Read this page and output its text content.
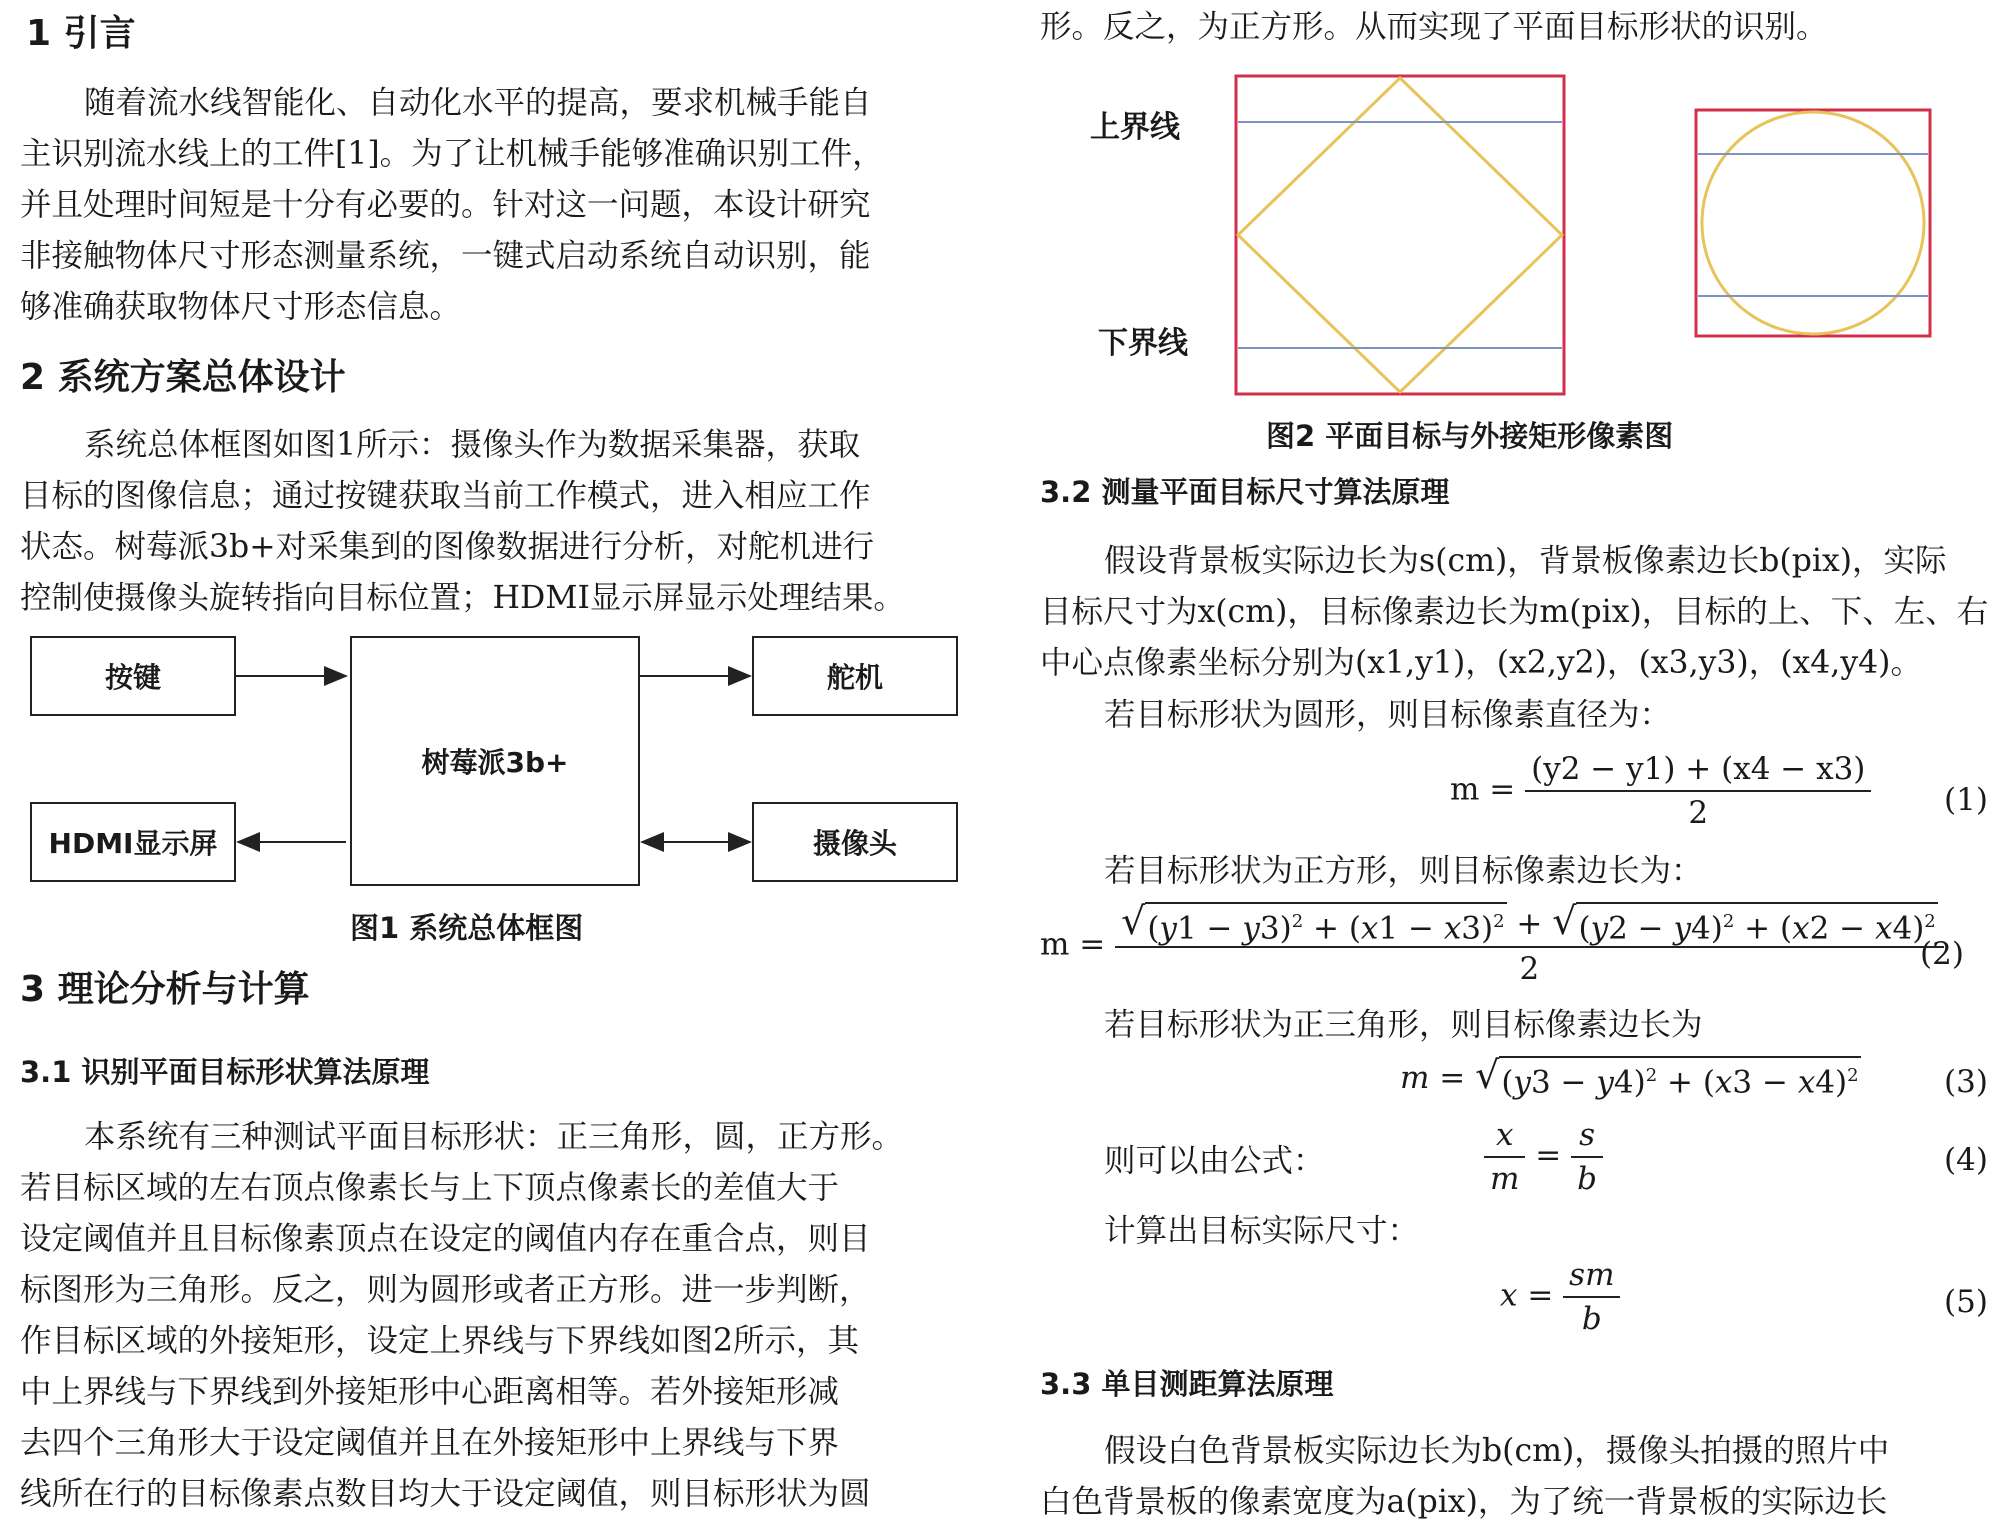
1 引言

随着流水线智能化、自动化水平的提高，要求机械手能自
主识别流水线上的工件[1]。为了让机械手能够准确识别工件，
并且处理时间短是十分有必要的。针对这一问题，本设计研究
非接触物体尺寸形态测量系统，一键式启动系统自动识别，能
够准确获取物体尺寸形态信息。

2 系统方案总体设计

系统总体框图如图1所示：摄像头作为数据采集器，获取
目标的图像信息；通过按键获取当前工作模式，进入相应工作
状态。树莓派3b+对采集到的图像数据进行分析，对舵机进行
控制使摄像头旋转指向目标位置；HDMI显示屏显示处理结果。

按键
树莓派3b+
舵机
HDMI显示屏	摄像头
图1 系统总体框图
3 理论分析与计算
3.1 识别平面目标形状算法原理

本系统有三种测试平面目标形状：正三角形，圆，正方形。
若目标区域的左右顶点像素长与上下顶点像素长的差值大于
设定阈值并且目标像素顶点在设定的阈值内存在重合点，则目
标图形为三角形。反之，则为圆形或者正方形。进一步判断，
作目标区域的外接矩形，设定上界线与下界线如图2所示，其
中上界线与下界线到外接矩形中心距离相等。若外接矩形减
去四个三角形大于设定阈值并且在外接矩形中上界线与下界
线所在行的目标像素点数目均大于设定阈值，则目标形状为圆

形。反之，为正方形。从而实现了平面目标形状的识别。

上界线
下界线
图2 平面目标与外接矩形像素图
3.2 测量平面目标尺寸算法原理

假设背景板实际边长为s(cm)，背景板像素边长b(pix)，实际
目标尺寸为x(cm)，目标像素边长为m(pix)，目标的上、下、左、右
中心点像素坐标分别为(x1,y1)，(x2,y2)，(x3,y3)，(x4,y4)。

若目标形状为圆形，则目标像素直径为：

$m = \frac{(y2 - y1) + (x4 - x3)}{2} (1)$

若目标形状为正方形，则目标像素边长为：

m =
√ $(y1 - y3)^2 + (x1 - x3)^2$ + √ $(y2 - y4)^2 + (x2 - x4)^2$
2	(2)

若目标形状为正三角形，则目标像素边长为

m = √ $(y3 - y4)^2 + (x3 - x4)^2$	(3)

则可以由公式：	$\frac{x}{m} = \frac{s}{b}$	(4)

计算出目标实际尺寸：

$x = \frac{sm}{b}$	(5)
3.3 单目测距算法原理

假设白色背景板实际边长为b(cm)，摄像头拍摄的照片中
白色背景板的像素宽度为a(pix)，为了统一背景板的实际边长
